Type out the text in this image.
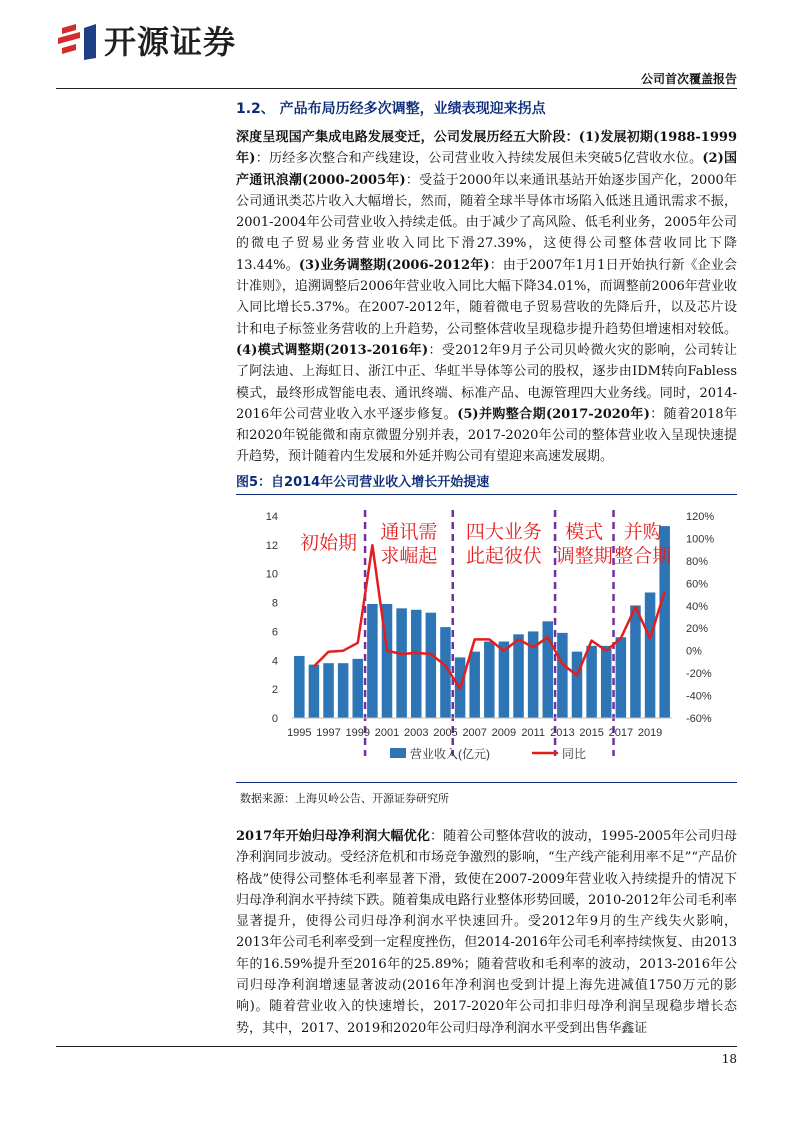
开源证券
公司首次覆盖报告
1.2、 产品布局历经多次调整，业绩表现迎来拐点
深度呈现国产集成电路发展变迁，公司发展历经五大阶段：(1)发展初期(1988-1999年)：历经多次整合和产线建设，公司营业收入持续发展但未突破5亿营收水位。(2)国产通讯浪潮(2000-2005年)：受益于2000年以来通讯基站开始逐步国产化，2000年公司通讯类芯片收入大幅增长，然而，随着全球半导体市场陷入低迷且通讯需求不振，2001-2004年公司营业收入持续走低。由于减少了高风险、低毛利业务，2005年公司的微电子贸易业务营业收入同比下滑27.39%，这使得公司整体营收同比下降13.44%。(3)业务调整期(2006-2012年)：由于2007年1月1日开始执行新《企业会计准则》，追溯调整后2006年营业收入同比大幅下降34.01%，而调整前2006年营业收入同比增长5.37%。在2007-2012年，随着微电子贸易营收的先降后升，以及芯片设计和电子标签业务营收的上升趋势，公司整体营收呈现稳步提升趋势但增速相对较低。(4)模式调整期(2013-2016年)：受2012年9月子公司贝岭微火灾的影响，公司转让了阿法迪、上海虹日、浙江中正、华虹半导体等公司的股权，逐步由IDM转向Fabless模式，最终形成智能电表、通讯终端、标准产品、电源管理四大业务线。同时，2014-2016年公司营业收入水平逐步修复。(5)并购整合期(2017-2020年)：随着2018年和2020年锐能微和南京微盟分别并表，2017-2020年公司的整体营业收入呈现快速提升趋势，预计随着内生发展和外延并购公司有望迎来高速发展期。
图5：自2014年公司营业收入增长开始提速
0
2
4
6
8
10
12
14
-60%
-40%
-20%
0%
20%
40%
60%
80%
100%
120%
1995 1997 1999 2001 2003 2005 2007 2009 2011 2013 2015 2017 2019
初始期
通讯需
求崛起
四大业务
此起彼伏
模式
调整期
并购
整合期
营业收入(亿元)	同比
数据来源：上海贝岭公告、开源证券研究所
2017年开始归母净利润大幅优化：随着公司整体营收的波动，1995-2005年公司归母净利润同步波动。受经济危机和市场竞争激烈的影响，“生产线产能利用率不足”“产品价格战”使得公司整体毛利率显著下滑，致使在2007-2009年营业收入持续提升的情况下归母净利润水平持续下跌。随着集成电路行业整体形势回暖，2010-2012年公司毛利率显著提升，使得公司归母净利润水平快速回升。受2012年9月的生产线失火影响，2013年公司毛利率受到一定程度挫伤，但2014-2016年公司毛利率持续恢复、由2013年的16.59%提升至2016年的25.89%；随着营收和毛利率的波动，2013-2016年公司归母净利润增速显著波动(2016年净利润也受到计提上海先进减值1750万元的影响)。随着营业收入的快速增长，2017-2020年公司扣非归母净利润呈现稳步增长态势，其中，2017、2019和2020年公司归母净利润水平受到出售华鑫证
18
